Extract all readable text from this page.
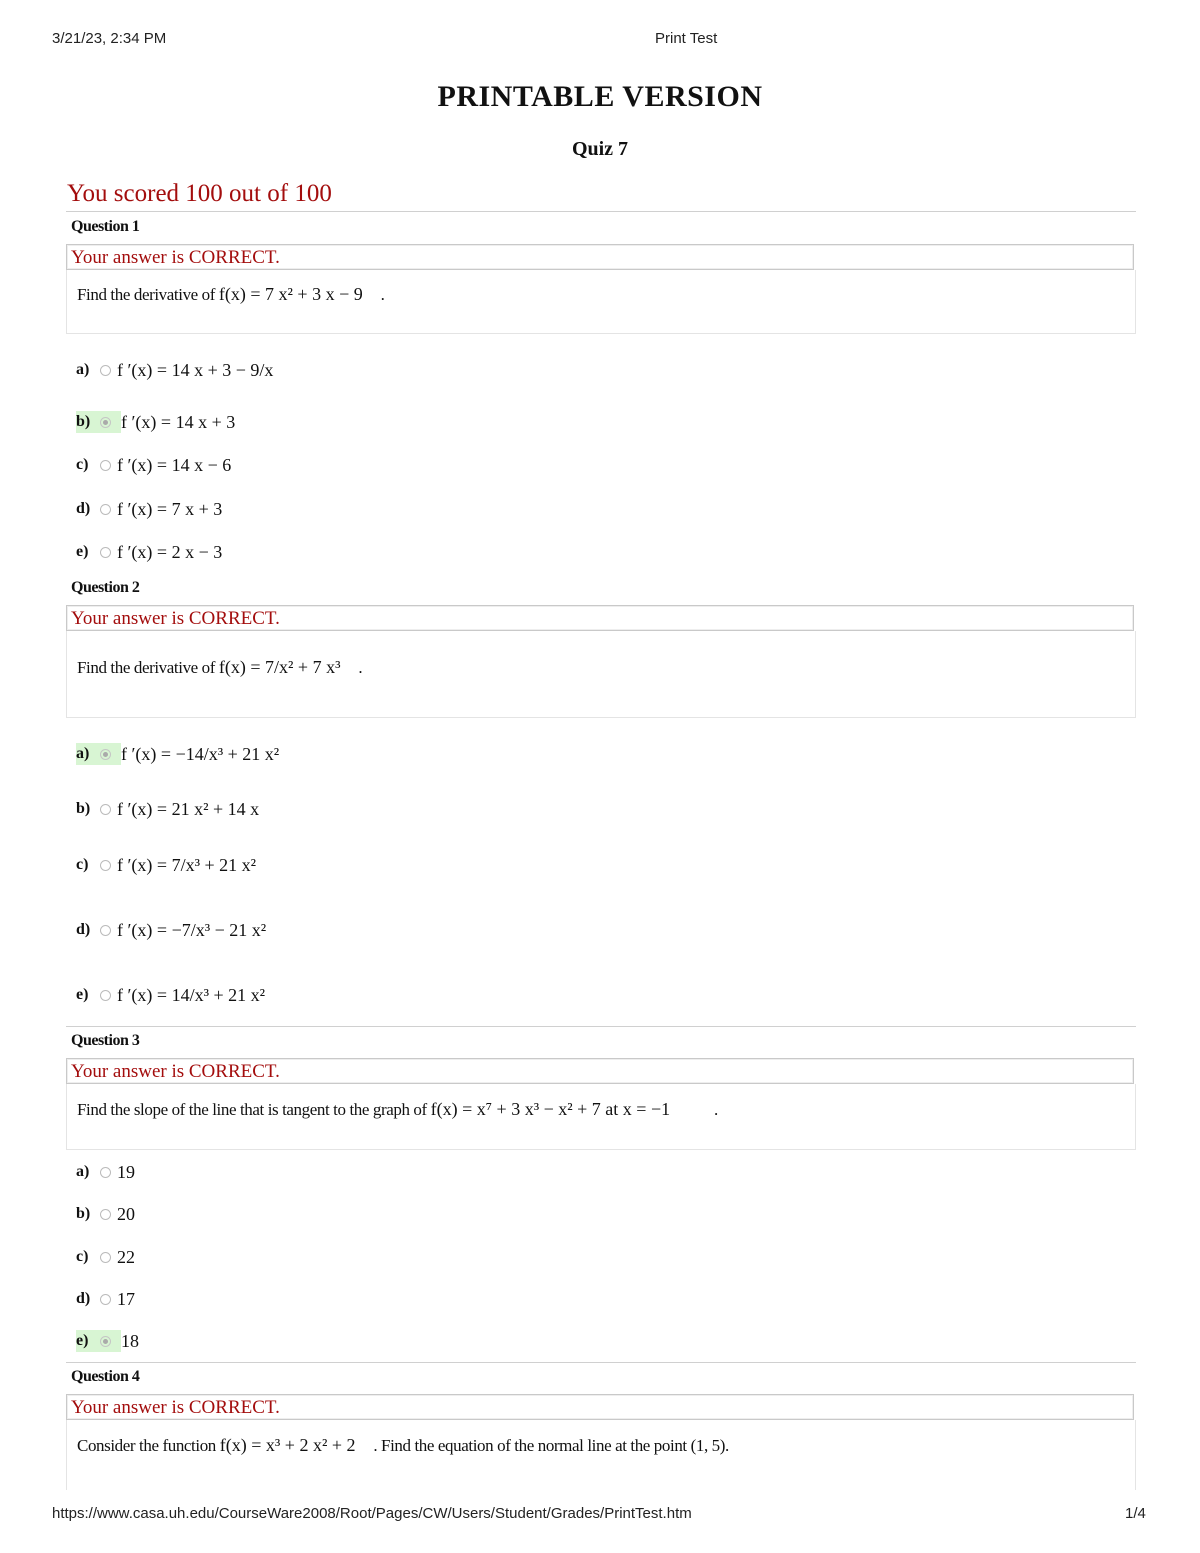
3/21/23, 2:34 PM	Print Test
PRINTABLE VERSION
Quiz 7
You scored 100 out of 100
Question 1
Your answer is CORRECT.
Find the derivative of f(x) = 7 x² + 3 x − 9 .
a)	f ′(x) = 14 x + 3 − 9/x
b)	f ′(x) = 14 x + 3
c)	f ′(x) = 14 x − 6
d)	f ′(x) = 7 x + 3
e)	f ′(x) = 2 x − 3
Question 2
Your answer is CORRECT.
Find the derivative of f(x) = 7/x² + 7 x³ .
a)	f ′(x) = −14/x³ + 21 x²
b)	f ′(x) = 21 x² + 14 x
c)	f ′(x) = 7/x³ + 21 x²
d)	f ′(x) = −7/x³ − 21 x²
e)	f ′(x) = 14/x³ + 21 x²
Question 3
Your answer is CORRECT.
Find the slope of the line that is tangent to the graph of f(x) = x⁷ + 3 x³ − x² + 7 at x = −1	.
a)	19
b)	20
c)	22
d)	17
e)	18
Question 4
Your answer is CORRECT.
Consider the function f(x) = x³ + 2 x² + 2 . Find the equation of the normal line at the point (1, 5).
https://www.casa.uh.edu/CourseWare2008/Root/Pages/CW/Users/Student/Grades/PrintTest.htm	1/4
